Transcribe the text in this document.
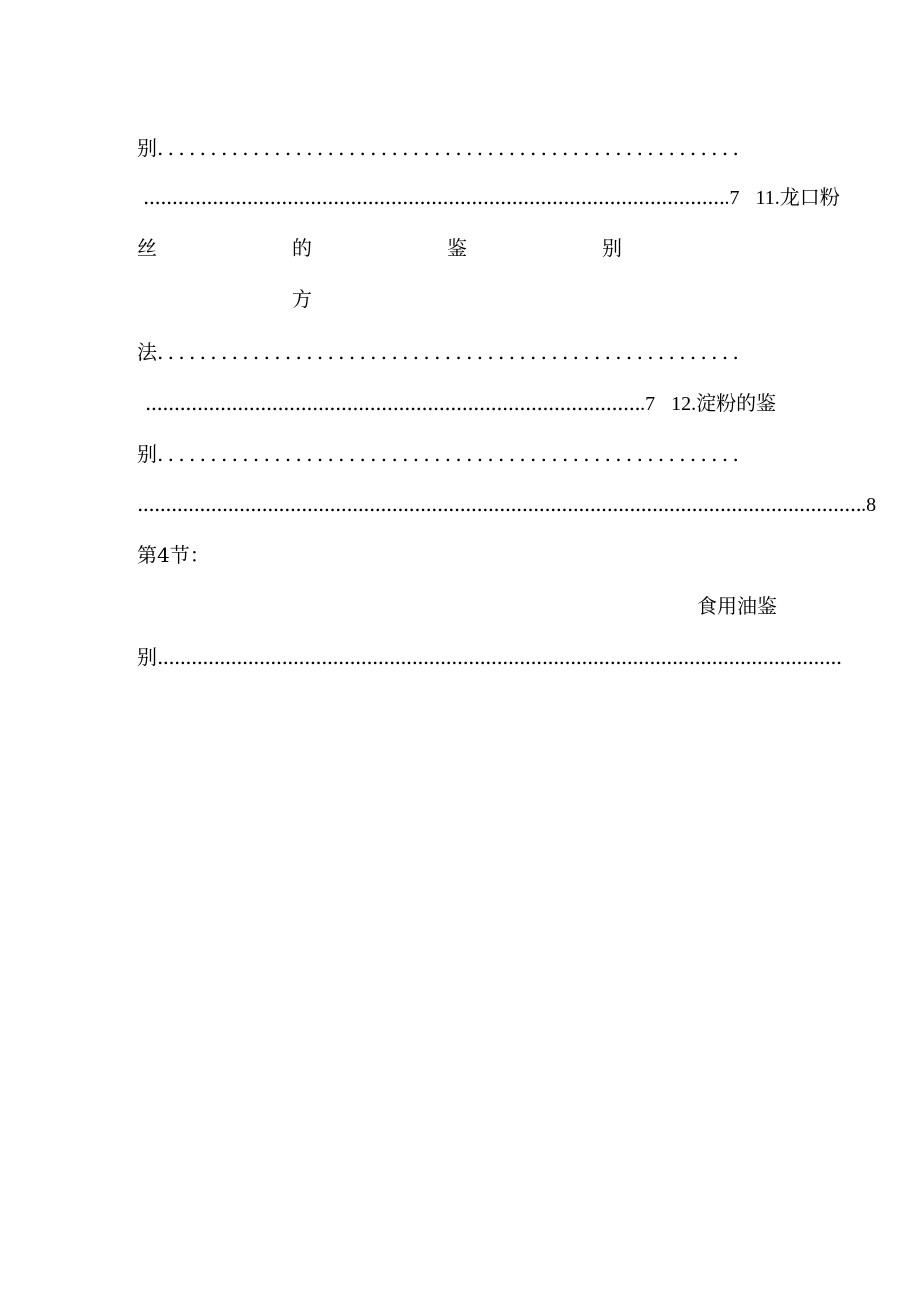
别.......................................................
......................................................................................................7 11.龙口粉
丝	的	鉴	别
方
法.......................................................
.......................................................................................7 12.淀粉的鉴
别.......................................................
.................................................................................................................................8
第4节：
食用油鉴
别.........................................................................................................................
